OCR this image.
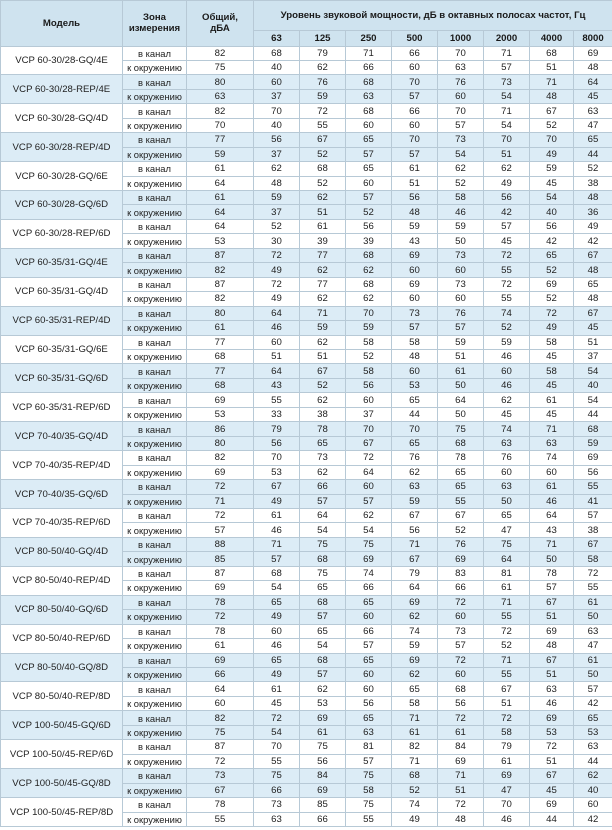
Модель	Зона
измерения	Общий,
дБА	Уровень звуковой мощности, дБ в октавных полосах частот, Гц							
			63	125	250	500	1000	2000	4000	8000
VCP 60-30/28-GQ/4E	в канал	82	68	79	71	66	70	71	68	69
	к окружению	75	40	62	66	60	63	57	51	48
VCP 60-30/28-REP/4E	в канал	80	60	76	68	70	76	73	71	64
	к окружению	63	37	59	63	57	60	54	48	45
VCP 60-30/28-GQ/4D	в канал	82	70	72	68	66	70	71	67	63
	к окружению	70	40	55	60	60	57	54	52	47
VCP 60-30/28-REP/4D	в канал	77	56	67	65	70	73	70	70	65
	к окружению	59	37	52	57	57	54	51	49	44
VCP 60-30/28-GQ/6E	в канал	61	62	68	65	61	62	62	59	52
	к окружению	64	48	52	60	51	52	49	45	38
VCP 60-30/28-GQ/6D	в канал	61	59	62	57	56	58	56	54	48
	к окружению	64	37	51	52	48	46	42	40	36
VCP 60-30/28-REP/6D	в канал	64	52	61	56	59	59	57	56	49
	к окружению	53	30	39	39	43	50	45	42	42
VCP 60-35/31-GQ/4E	в канал	87	72	77	68	69	73	72	65	67
	к окружению	82	49	62	62	60	60	55	52	48
VCP 60-35/31-GQ/4D	в канал	87	72	77	68	69	73	72	69	65
	к окружению	82	49	62	62	60	60	55	52	48
VCP 60-35/31-REP/4D	в канал	80	64	71	70	73	76	74	72	67
	к окружению	61	46	59	59	57	57	52	49	45
VCP 60-35/31-GQ/6E	в канал	77	60	62	58	58	59	59	58	51
	к окружению	68	51	51	52	48	51	46	45	37
VCP 60-35/31-GQ/6D	в канал	77	64	67	58	60	61	60	58	54
	к окружению	68	43	52	56	53	50	46	45	40
VCP 60-35/31-REP/6D	в канал	69	55	62	60	65	64	62	61	54
	к окружению	53	33	38	37	44	50	45	45	44
VCP 70-40/35-GQ/4D	в канал	86	79	78	70	70	75	74	71	68
	к окружению	80	56	65	67	65	68	63	63	59
VCP 70-40/35-REP/4D	в канал	82	70	73	72	76	78	76	74	69
	к окружению	69	53	62	64	62	65	60	60	56
VCP 70-40/35-GQ/6D	в канал	72	67	66	60	63	65	63	61	55
	к окружению	71	49	57	57	59	55	50	46	41
VCP 70-40/35-REP/6D	в канал	72	61	64	62	67	67	65	64	57
	к окружению	57	46	54	54	56	52	47	43	38
VCP 80-50/40-GQ/4D	в канал	88	71	75	75	71	76	75	71	67
	к окружению	85	57	68	69	67	69	64	50	58
VCP 80-50/40-REP/4D	в канал	87	68	75	74	79	83	81	78	72
	к окружению	69	54	65	66	64	66	61	57	55
VCP 80-50/40-GQ/6D	в канал	78	65	68	65	69	72	71	67	61
	к окружению	72	49	57	60	62	60	55	51	50
VCP 80-50/40-REP/6D	в канал	78	60	65	66	74	73	72	69	63
	к окружению	61	46	54	57	59	57	52	48	47
VCP 80-50/40-GQ/8D	в канал	69	65	68	65	69	72	71	67	61
	к окружению	66	49	57	60	62	60	55	51	50
VCP 80-50/40-REP/8D	в канал	64	61	62	60	65	68	67	63	57
	к окружению	60	45	53	56	58	56	51	46	42
VCP 100-50/45-GQ/6D	в канал	82	72	69	65	71	72	72	69	65
	к окружению	75	54	61	63	61	61	58	53	53
VCP 100-50/45-REP/6D	в канал	87	70	75	81	82	84	79	72	63
	к окружению	72	55	56	57	71	69	61	51	44
VCP 100-50/45-GQ/8D	в канал	73	75	84	75	68	71	69	67	62
	к окружению	67	66	69	58	52	51	47	45	40
VCP 100-50/45-REP/8D	в канал	78	73	85	75	74	72	70	69	60
	к окружению	55	63	66	55	49	48	46	44	42
